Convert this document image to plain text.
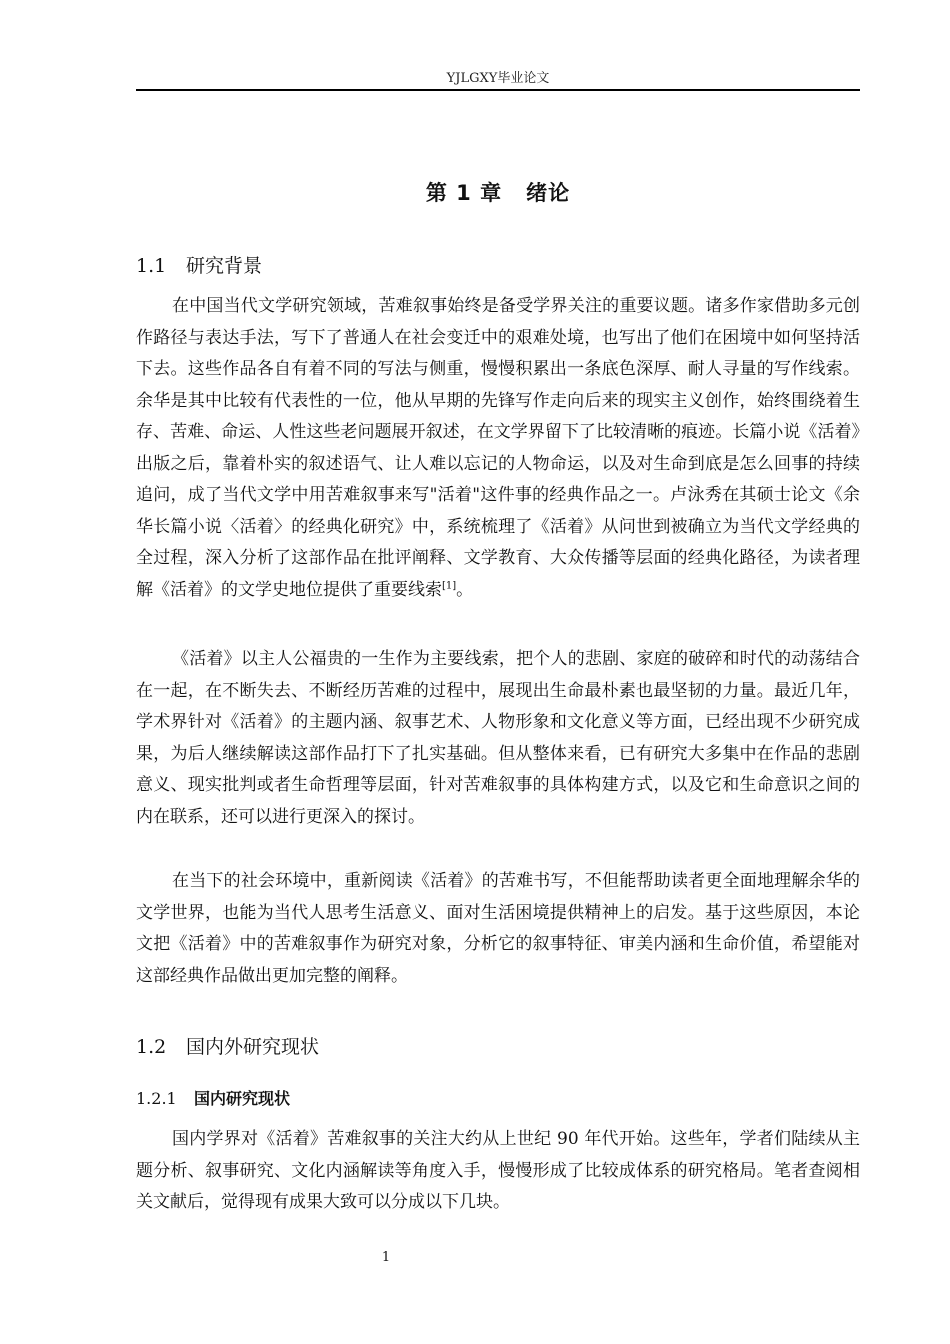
YJLGXY毕业论文
第 1 章 绪论
1.1 研究背景

在中国当代文学研究领域，苦难叙事始终是备受学界关注的重要议题。诸多作家借助多元创作路径与表达手法，写下了普通人在社会变迁中的艰难处境，也写出了他们在困境中如何坚持活下去。这些作品各自有着不同的写法与侧重，慢慢积累出一条底色深厚、耐人寻量的写作线索。余华是其中比较有代表性的一位，他从早期的先锋写作走向后来的现实主义创作，始终围绕着生存、苦难、命运、人性这些老问题展开叙述，在文学界留下了比较清晰的痕迹。长篇小说《活着》出版之后，靠着朴实的叙述语气、让人难以忘记的人物命运，以及对生命到底是怎么回事的持续追问，成了当代文学中用苦难叙事来写"活着"这件事的经典作品之一。卢泳秀在其硕士论文《余华长篇小说〈活着〉的经典化研究》中，系统梳理了《活着》从问世到被确立为当代文学经典的全过程，深入分析了这部作品在批评阐释、文学教育、大众传播等层面的经典化路径，为读者理解《活着》的文学史地位提供了重要线索[1]。

《活着》以主人公福贵的一生作为主要线索，把个人的悲剧、家庭的破碎和时代的动荡结合在一起，在不断失去、不断经历苦难的过程中，展现出生命最朴素也最坚韧的力量。最近几年，学术界针对《活着》的主题内涵、叙事艺术、人物形象和文化意义等方面，已经出现不少研究成果，为后人继续解读这部作品打下了扎实基础。但从整体来看，已有研究大多集中在作品的悲剧意义、现实批判或者生命哲理等层面，针对苦难叙事的具体构建方式，以及它和生命意识之间的内在联系，还可以进行更深入的探讨。

在当下的社会环境中，重新阅读《活着》的苦难书写，不但能帮助读者更全面地理解余华的文学世界，也能为当代人思考生活意义、面对生活困境提供精神上的启发。基于这些原因，本论文把《活着》中的苦难叙事作为研究对象，分析它的叙事特征、审美内涵和生命价值，希望能对这部经典作品做出更加完整的阐释。

1.2 国内外研究现状
1.2.1 国内研究现状

国内学界对《活着》苦难叙事的关注大约从上世纪 90 年代开始。这些年，学者们陆续从主题分析、叙事研究、文化内涵解读等角度入手，慢慢形成了比较成体系的研究格局。笔者查阅相关文献后，觉得现有成果大致可以分成以下几块。

1
